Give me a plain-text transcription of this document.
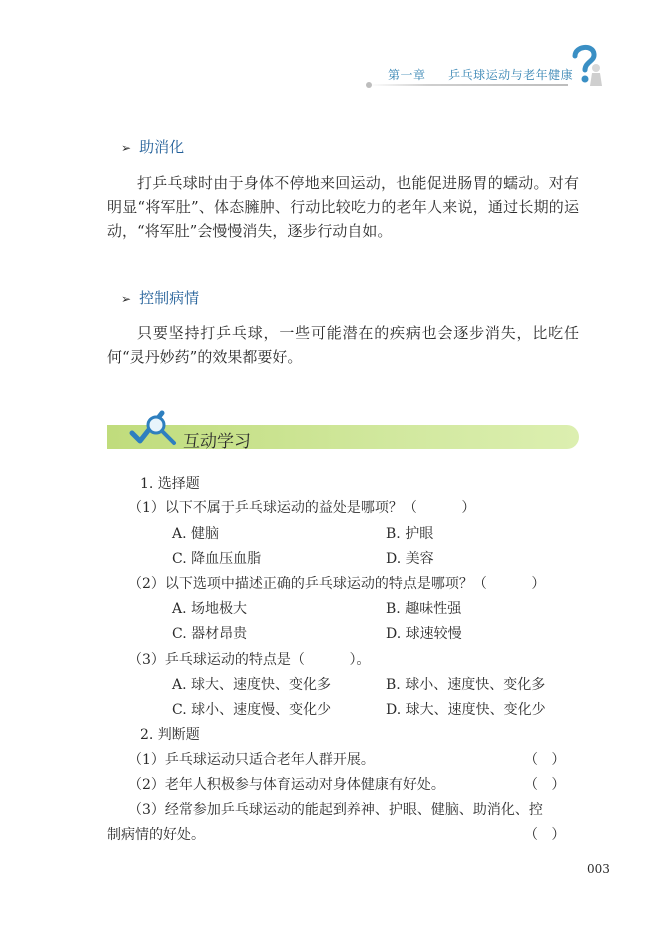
第一章 乒乓球运动与老年健康
➢ 助消化
打乒乓球时由于身体不停地来回运动，也能促进肠胃的蠕动。对有明显“将军肚”、体态臃肿、行动比较吃力的老年人来说，通过长期的运动，“将军肚”会慢慢消失，逐步行动自如。
➢ 控制病情
只要坚持打乒乓球，一些可能潜在的疾病也会逐步消失，比吃任何“灵丹妙药”的效果都要好。
互动学习
1. 选择题
（1）以下不属于乒乓球运动的益处是哪项？（	）
A. 健脑	B. 护眼
C. 降血压血脂	D. 美容
（2）以下选项中描述正确的乒乓球运动的特点是哪项？（	）
A. 场地极大	B. 趣味性强
C. 器材昂贵	D. 球速较慢
（3）乒乓球运动的特点是（	）。
A. 球大、速度快、变化多	B. 球小、速度快、变化多
C. 球小、速度慢、变化少	D. 球大、速度快、变化少
2. 判断题
（1）乒乓球运动只适合老年人群开展。	（ ）
（2）老年人积极参与体育运动对身体健康有好处。	（ ）
（3）经常参加乒乓球运动的能起到养神、护眼、健脑、助消化、控
制病情的好处。	（ ）
003
